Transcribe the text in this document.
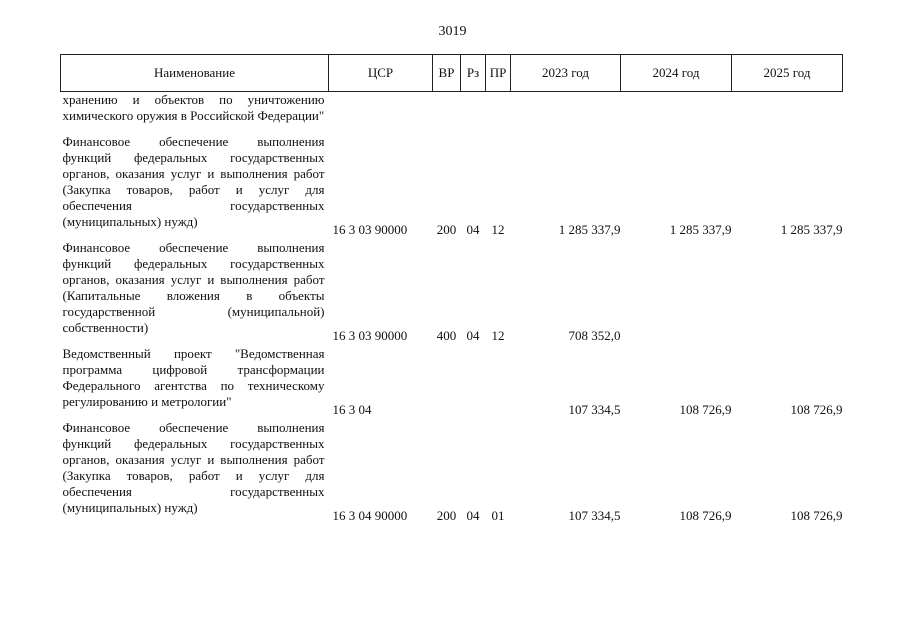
3019
Наименование	ЦСР	ВР	Рз	ПР	2023 год	2024 год	2025 год
хранению и объектов по уничтожению химического оружия в Российской Федерации"							
Финансовое обеспечение выполнения функций федеральных государственных органов, оказания услуг и выполнения работ (Закупка товаров, работ и услуг для обеспечения государственных (муниципальных) нужд)	16 3 03 90000	200	04	12	1 285 337,9	1 285 337,9	1 285 337,9
Финансовое обеспечение выполнения функций федеральных государственных органов, оказания услуг и выполнения работ (Капитальные вложения в объекты государственной (муниципальной) собственности)	16 3 03 90000	400	04	12	708 352,0		
Ведомственный проект "Ведомственная программа цифровой трансформации Федерального агентства по техническому регулированию и метрологии"	16 3 04				107 334,5	108 726,9	108 726,9
Финансовое обеспечение выполнения функций федеральных государственных органов, оказания услуг и выполнения работ (Закупка товаров, работ и услуг для обеспечения государственных (муниципальных) нужд)	16 3 04 90000	200	04	01	107 334,5	108 726,9	108 726,9
